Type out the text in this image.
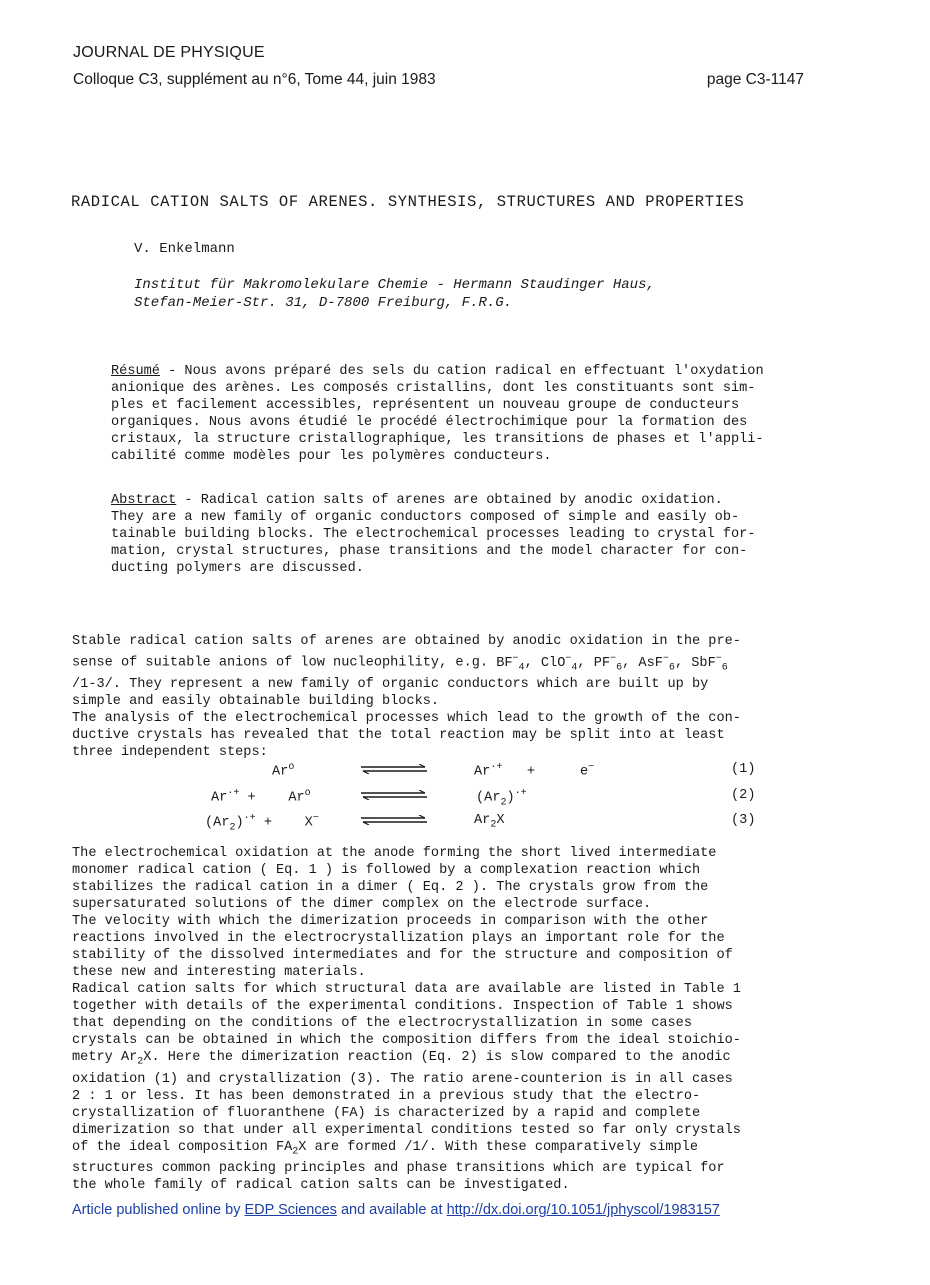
JOURNAL DE PHYSIQUE
Colloque C3, supplément au n°6, Tome 44, juin 1983	page C3-1147
RADICAL CATION SALTS OF ARENES. SYNTHESIS, STRUCTURES AND PROPERTIES
V. Enkelmann
Institut für Makromolekulare Chemie - Hermann Staudinger Haus,
Stefan-Meier-Str. 31, D-7800 Freiburg, F.R.G.
Résumé - Nous avons préparé des sels du cation radical en effectuant l'oxydation
anionique des arènes. Les composés cristallins, dont les constituants sont sim-
ples et facilement accessibles, représentent un nouveau groupe de conducteurs
organiques. Nous avons étudié le procédé électrochimique pour la formation des
cristaux, la structure cristallographique, les transitions de phases et l'appli-
cabilité comme modèles pour les polymères conducteurs.
Abstract - Radical cation salts of arenes are obtained by anodic oxidation.
They are a new family of organic conductors composed of simple and easily ob-
tainable building blocks. The electrochemical processes leading to crystal for-
mation, crystal structures, phase transitions and the model character for con-
ducting polymers are discussed.
Stable radical cation salts of arenes are obtained by anodic oxidation in the pre-
sense of suitable anions of low nucleophility, e.g. $BF^-_4$, ClO−$_4$, $PF^-_6$, AsF−$_6$, SbF−$_6$
/1-3/. They represent a new family of organic conductors which are built up by
simple and easily obtainable building blocks.
The analysis of the electrochemical processes which lead to the growth of the con-
ductive crystals has revealed that the total reaction may be split into at least
three independent steps:
Ar$^o$	Ar·+ +	e−	(1)
$Ar^{\cdot+} + Ar^o$	$(Ar_2)^{\cdot+}$	(2)
$(Ar_2)^{\cdot+} + X^-$	$Ar_2X$	(3)
The electrochemical oxidation at the anode forming the short lived intermediate
monomer radical cation ( Eq. 1 ) is followed by a complexation reaction which
stabilizes the radical cation in a dimer ( Eq. 2 ). The crystals grow from the
supersaturated solutions of the dimer complex on the electrode surface.
The velocity with which the dimerization proceeds in comparison with the other
reactions involved in the electrocrystallization plays an important role for the
stability of the dissolved intermediates and for the structure and composition of
these new and interesting materials.
Radical cation salts for which structural data are available are listed in Table 1
together with details of the experimental conditions. Inspection of Table 1 shows
that depending on the conditions of the electrocrystallization in some cases
crystals can be obtained in which the composition differs from the ideal stoichio-
metry $Ar_2X$. Here the dimerization reaction (Eq. 2) is slow compared to the anodic
oxidation (1) and crystallization (3). The ratio arene-counterion is in all cases
2 : 1 or less. It has been demonstrated in a previous study that the electro-
crystallization of fluoranthene (FA) is characterized by a rapid and complete
dimerization so that under all experimental conditions tested so far only crystals
of the ideal composition $FA_2X$ are formed /1/. With these comparatively simple
structures common packing principles and phase transitions which are typical for
the whole family of radical cation salts can be investigated.
Article published online by EDP Sciences and available at http://dx.doi.org/10.1051/jphyscol/1983157
